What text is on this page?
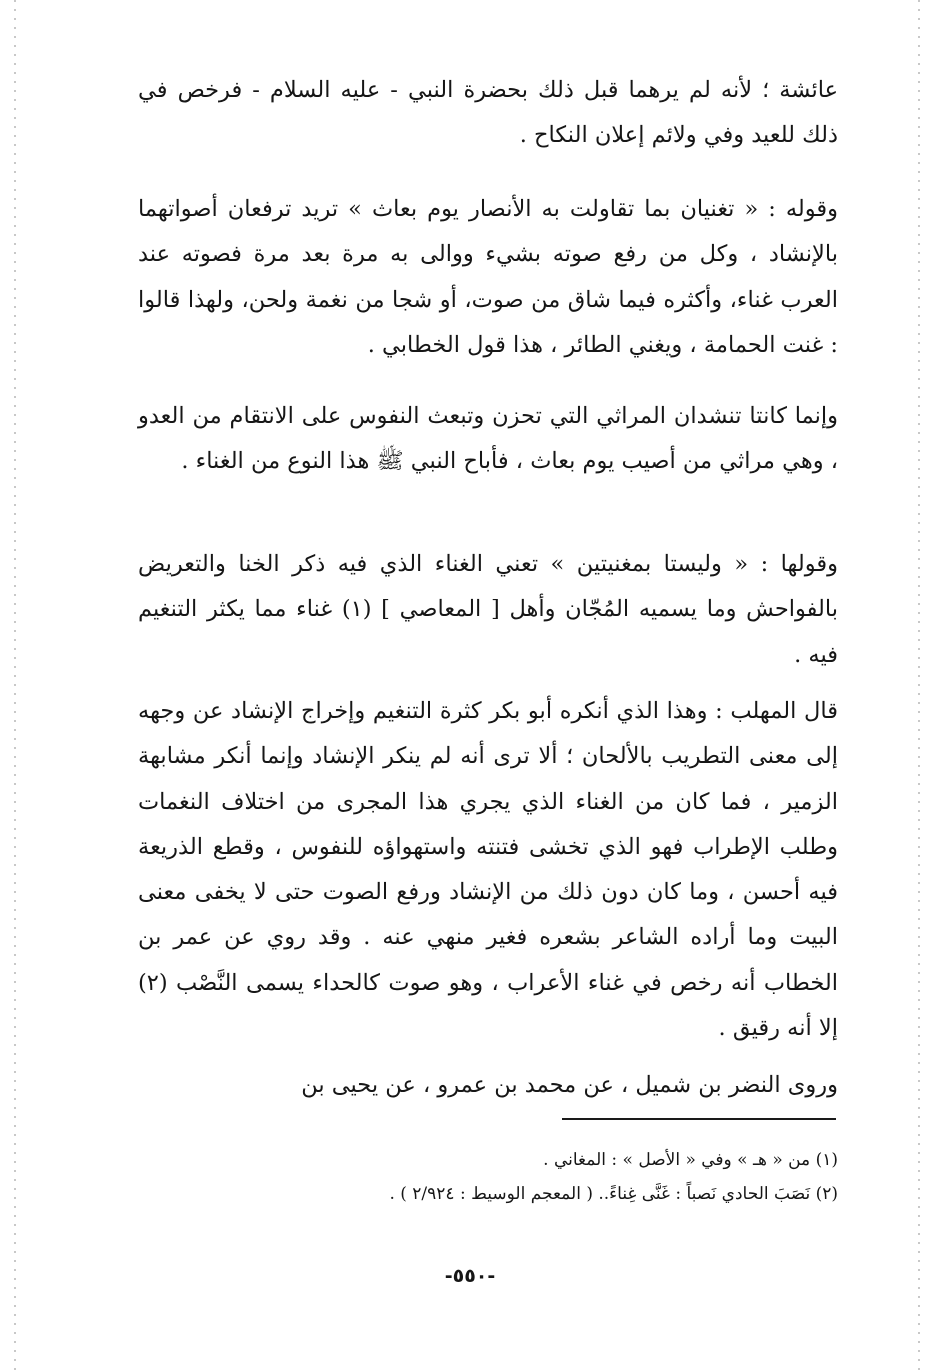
عائشة ؛ لأنه لم يرهما قبل ذلك بحضرة النبي - عليه السلام - فرخص في ذلك للعيد وفي ولائم إعلان النكاح .

وقوله : « تغنيان بما تقاولت به الأنصار يوم بعاث » تريد ترفعان أصواتهما بالإنشاد ، وكل من رفع صوته بشيء ووالى به مرة بعد مرة فصوته عند العرب غناء، وأكثره فيما شاق من صوت، أو شجا من نغمة ولحن، ولهذا قالوا : غنت الحمامة ، ويغني الطائر ، هذا قول الخطابي .

وإنما كانتا تنشدان المراثي التي تحزن وتبعث النفوس على الانتقام من العدو ، وهي مراثي من أصيب يوم بعاث ، فأباح النبي ﷺ هذا النوع من الغناء .

وقولها : « وليستا بمغنيتين » تعني الغناء الذي فيه ذكر الخنا والتعريض بالفواحش وما يسميه المُجّان وأهل [ المعاصي ] (١) غناء مما يكثر التنغيم فيه .

قال المهلب : وهذا الذي أنكره أبو بكر كثرة التنغيم وإخراج الإنشاد عن وجهه إلى معنى التطريب بالألحان ؛ ألا ترى أنه لم ينكر الإنشاد وإنما أنكر مشابهة الزمير ، فما كان من الغناء الذي يجري هذا المجرى من اختلاف النغمات وطلب الإطراب فهو الذي تخشى فتنته واستهواؤه للنفوس ، وقطع الذريعة فيه أحسن ، وما كان دون ذلك من الإنشاد ورفع الصوت حتى لا يخفى معنى البيت وما أراده الشاعر بشعره فغير منهي عنه . وقد روي عن عمر بن الخطاب أنه رخص في غناء الأعراب ، وهو صوت كالحداء يسمى النَّصْب (٢) إلا أنه رقيق .

وروى النضر بن شميل ، عن محمد بن عمرو ، عن يحيى بن

(١) من « هـ » وفي « الأصل » : المغاني .

(٢) نَصَبَ الحادي نَصباً : غَنَّى غِناءً.. ( المعجم الوسيط : ٢/٩٢٤ ) .

-٥٥٠-
